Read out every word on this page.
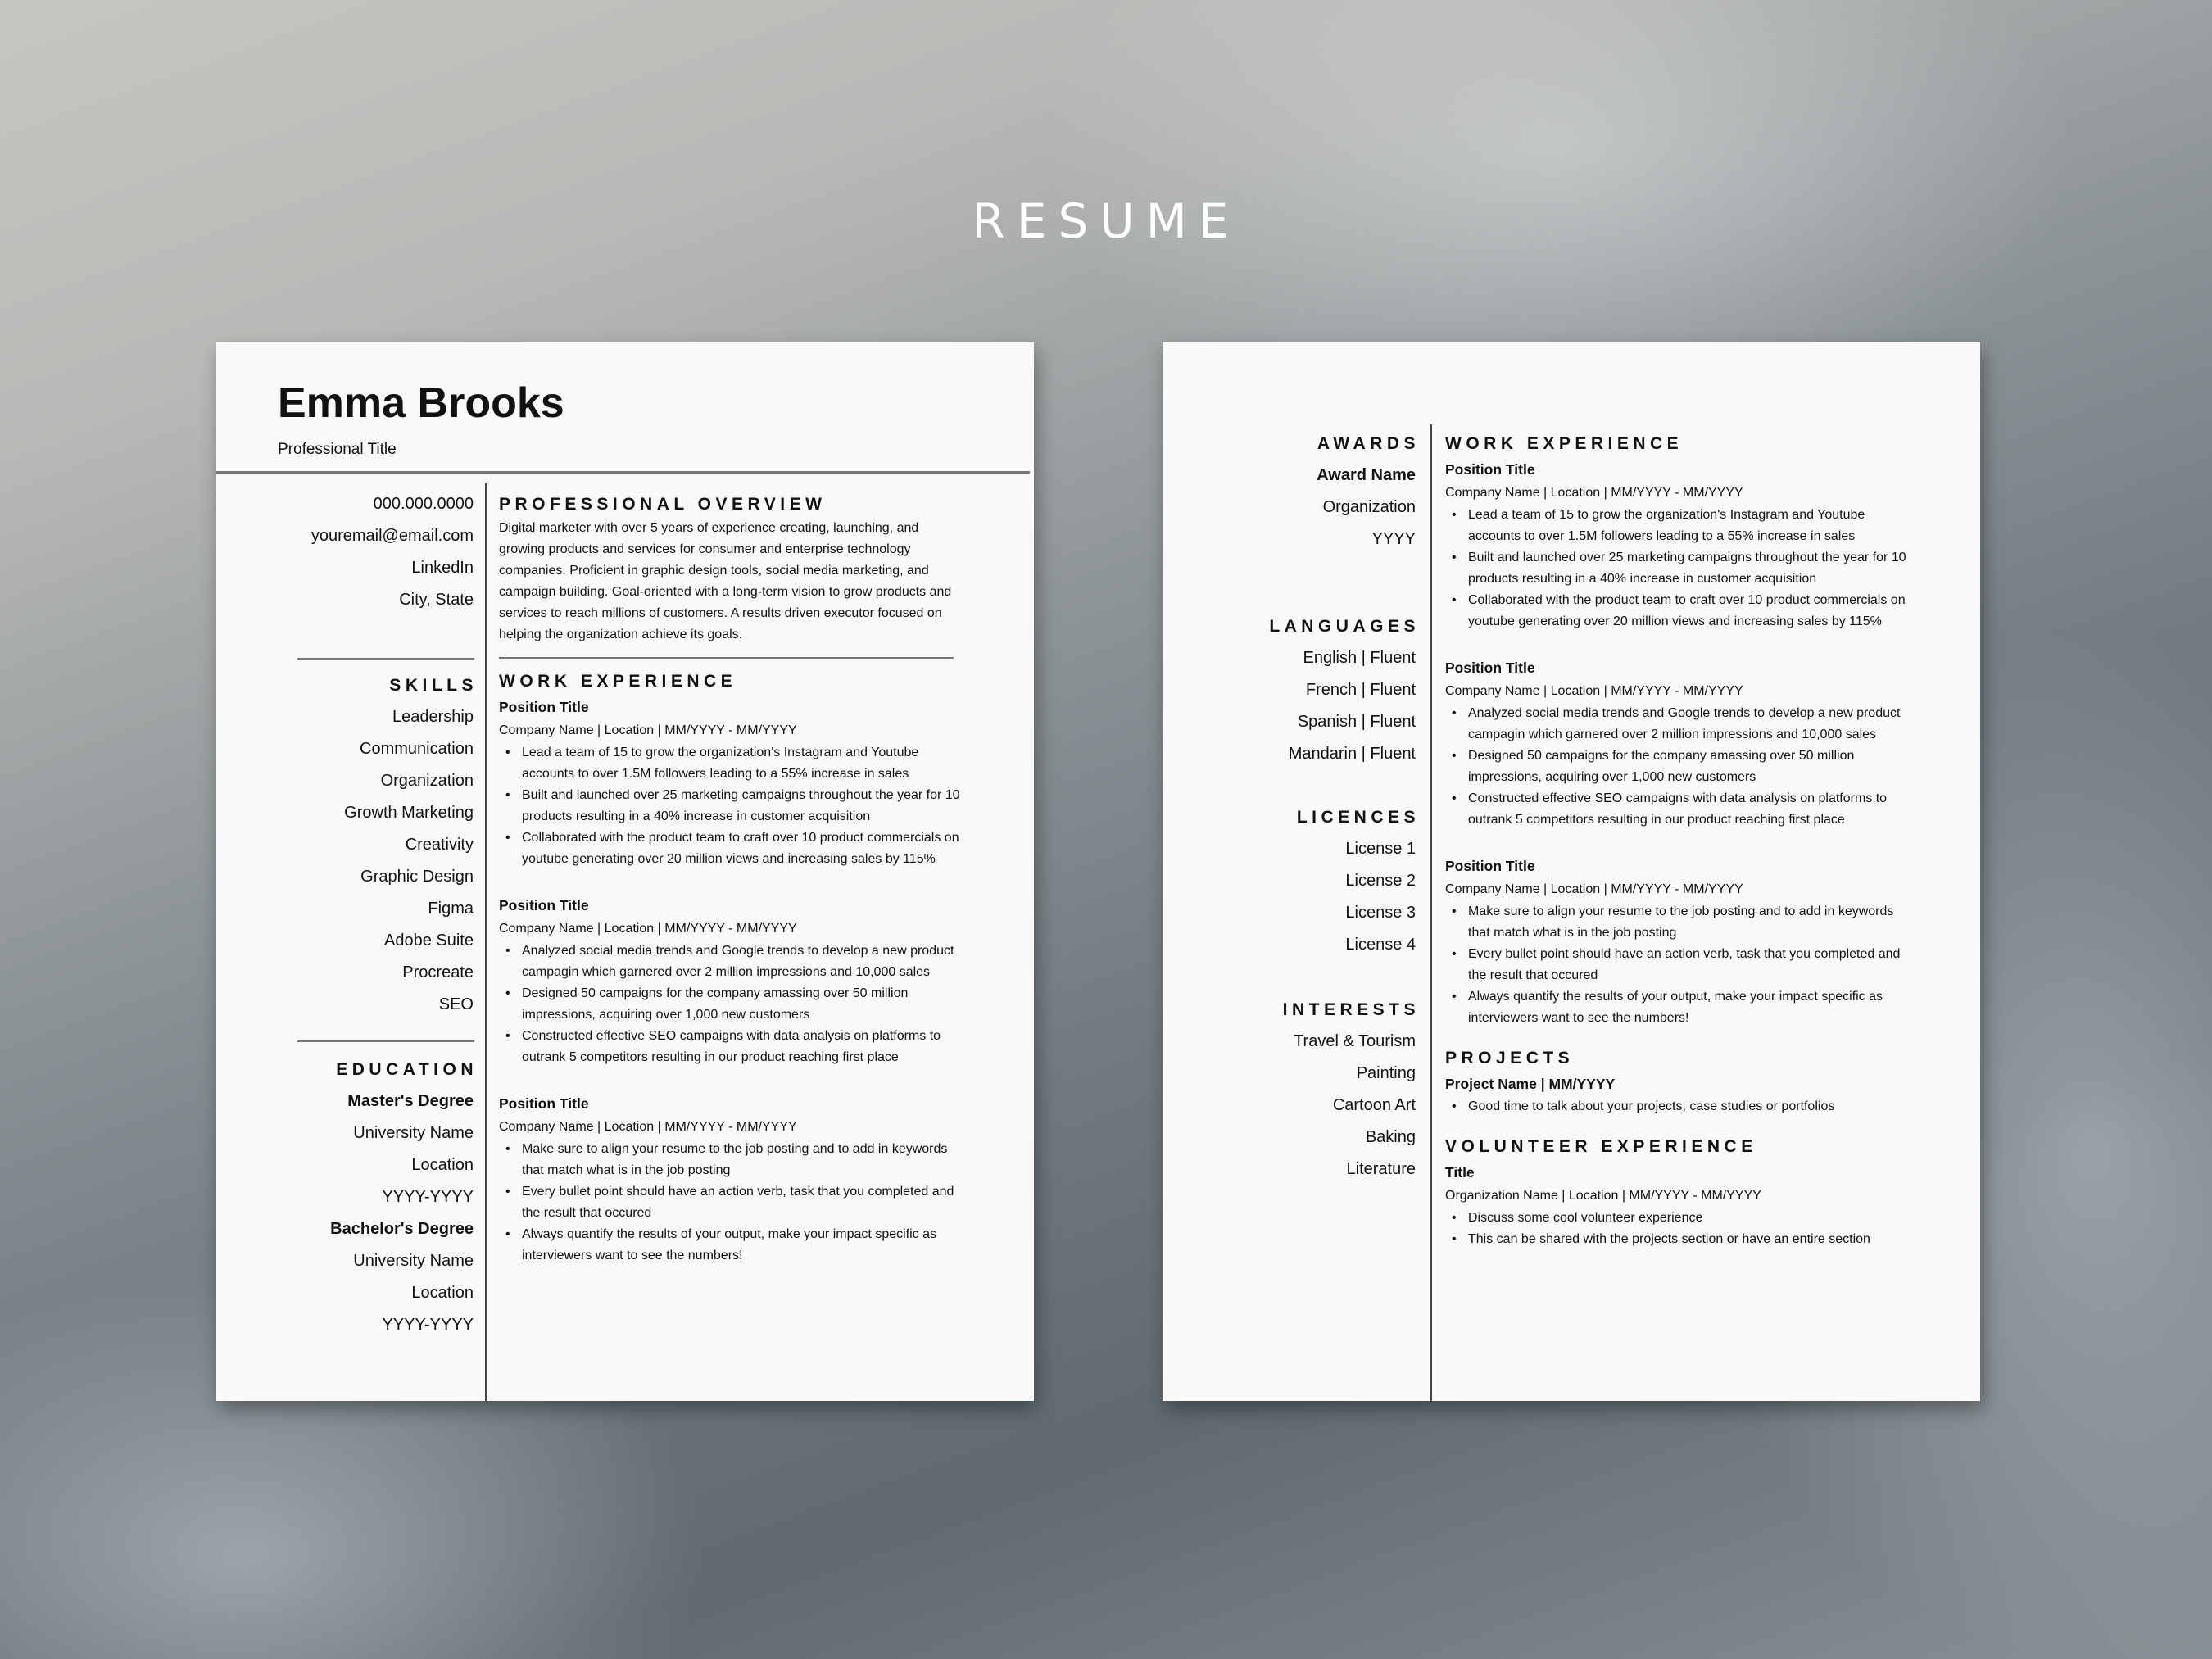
RESUME
Emma Brooks
Professional Title
000.000.0000
youremail@email.com
LinkedIn
City, State
SKILLS
Leadership
Communication
Organization
Growth Marketing
Creativity
Graphic Design
Figma
Adobe Suite
Procreate
SEO
EDUCATION
Master's Degree
University Name
Location
YYYY-YYYY
Bachelor's Degree
University Name
Location
YYYY-YYYY
PROFESSIONAL OVERVIEW

Digital marketer with over 5 years of experience creating, launching, and growing products and services for consumer and enterprise technology companies. Proficient in graphic design tools, social media marketing, and campaign building. Goal-oriented with a long-term vision to grow products and services to reach millions of customers. A results driven executor focused on helping the organization achieve its goals.

WORK EXPERIENCE
Position Title
Company Name | Location | MM/YYYY - MM/YYYY
• Lead a team of 15 to grow the organization's Instagram and Youtube accounts to over 1.5M followers leading to a 55% increase in sales
• Built and launched over 25 marketing campaigns throughout the year for 10 products resulting in a 40% increase in customer acquisition
• Collaborated with the product team to craft over 10 product commercials on youtube generating over 20 million views and increasing sales by 115%
Position Title
Company Name | Location | MM/YYYY - MM/YYYY
• Analyzed social media trends and Google trends to develop a new product campagin which garnered over 2 million impressions and 10,000 sales
• Designed 50 campaigns for the company amassing over 50 million impressions, acquiring over 1,000 new customers
• Constructed effective SEO campaigns with data analysis on platforms to outrank 5 competitors resulting in our product reaching first place
Position Title
Company Name | Location | MM/YYYY - MM/YYYY
• Make sure to align your resume to the job posting and to add in keywords that match what is in the job posting
• Every bullet point should have an action verb, task that you completed and the result that occured
• Always quantify the results of your output, make your impact specific as interviewers want to see the numbers!
AWARDS
Award Name
Organization
YYYY
LANGUAGES
English | Fluent
French | Fluent
Spanish | Fluent
Mandarin | Fluent
LICENCES
License 1
License 2
License 3
License 4
INTERESTS
Travel & Tourism
Painting
Cartoon Art
Baking
Literature
WORK EXPERIENCE
Position Title
Company Name | Location | MM/YYYY - MM/YYYY
• Lead a team of 15 to grow the organization's Instagram and Youtube accounts to over 1.5M followers leading to a 55% increase in sales
• Built and launched over 25 marketing campaigns throughout the year for 10 products resulting in a 40% increase in customer acquisition
• Collaborated with the product team to craft over 10 product commercials on youtube generating over 20 million views and increasing sales by 115%
Position Title
Company Name | Location | MM/YYYY - MM/YYYY
• Analyzed social media trends and Google trends to develop a new product campagin which garnered over 2 million impressions and 10,000 sales
• Designed 50 campaigns for the company amassing over 50 million impressions, acquiring over 1,000 new customers
• Constructed effective SEO campaigns with data analysis on platforms to outrank 5 competitors resulting in our product reaching first place
Position Title
Company Name | Location | MM/YYYY - MM/YYYY
• Make sure to align your resume to the job posting and to add in keywords that match what is in the job posting
• Every bullet point should have an action verb, task that you completed and the result that occured
• Always quantify the results of your output, make your impact specific as interviewers want to see the numbers!
PROJECTS
Project Name | MM/YYYY
• Good time to talk about your projects, case studies or portfolios
VOLUNTEER EXPERIENCE
Title
Organization Name | Location | MM/YYYY - MM/YYYY
• Discuss some cool volunteer experience
• This can be shared with the projects section or have an entire section
